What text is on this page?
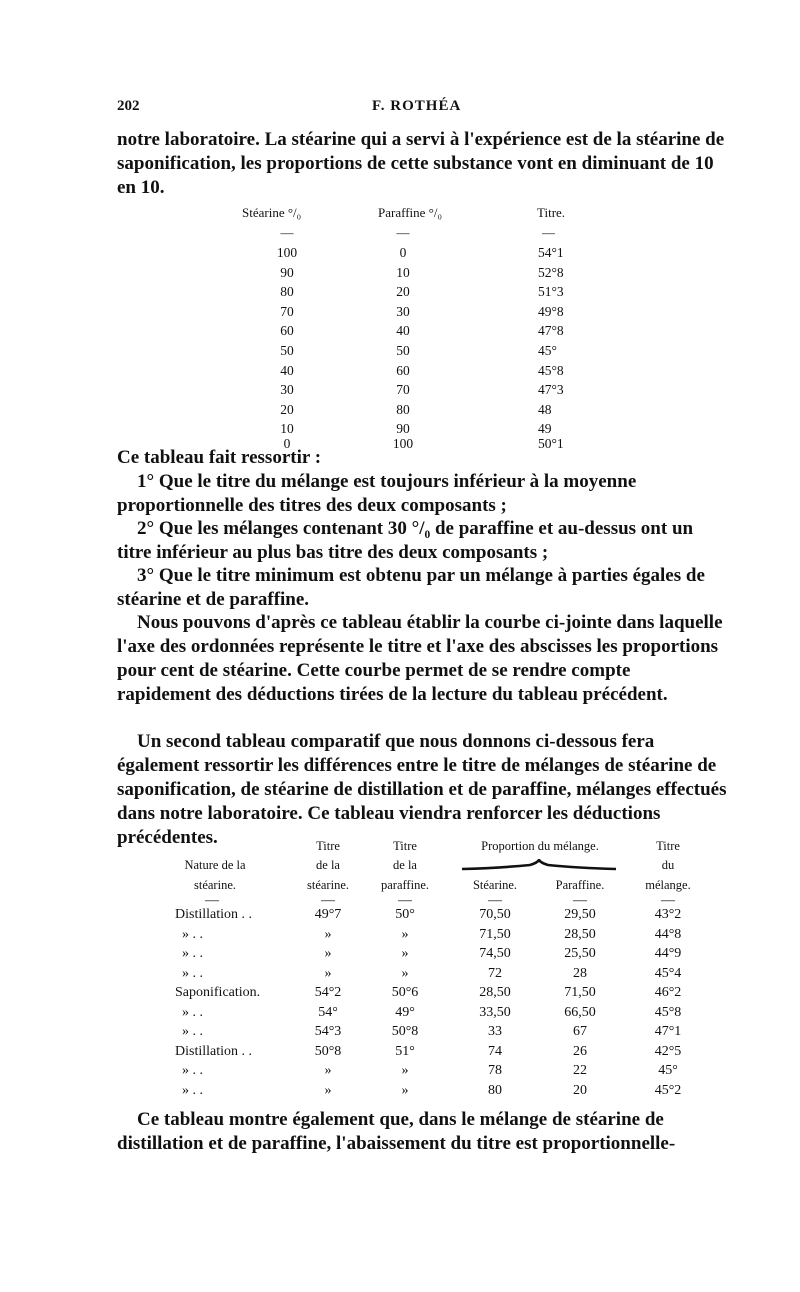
202	F. ROTHÉA

notre laboratoire. La stéarine qui a servi à l'expérience est de la stéarine de saponification, les proportions de cette substance vont en diminuant de 10 en 10.

Stéarine °/₀	Paraffine °/₀	Titre.
—	—	—
100	0	54°1
90	10	52°8
80	20	51°3
70	30	49°8
60	40	47°8
50	50	45°
40	60	45°8
30	70	47°3
20	80	48
10	90	49
0	100	50°1

Ce tableau fait ressortir :

1° Que le titre du mélange est toujours inférieur à la moyenne proportionnelle des titres des deux composants ;

2° Que les mélanges contenant 30 °/₀ de paraffine et au-dessus ont un titre inférieur au plus bas titre des deux composants ;

3° Que le titre minimum est obtenu par un mélange à parties égales de stéarine et de paraffine.

Nous pouvons d'après ce tableau établir la courbe ci-jointe dans laquelle l'axe des ordonnées représente le titre et l'axe des abscisses les proportions pour cent de stéarine. Cette courbe permet de se rendre compte rapidement des déductions tirées de la lecture du tableau précédent.

Un second tableau comparatif que nous donnons ci-dessous fera également ressortir les différences entre le titre de mélanges de stéarine de saponification, de stéarine de distillation et de paraffine, mélanges effectués dans notre laboratoire. Ce tableau viendra renforcer les déductions précédentes.

Nature de la
stéarine.
Titre
de la
stéarine.
Titre
de la
paraffine.
Proportion du mélange.
Stéarine.	Paraffine.
Titre
du
mélange.
—	—	—	—	—	—
Distillation . .	49°7	50°	70,50	29,50	43°2
» . .	»	»	71,50	28,50	44°8
» . .	»	»	74,50	25,50	44°9
» . .	»	»	72	28	45°4
Saponification.	54°2	50°6	28,50	71,50	46°2
» . .	54°	49°	33,50	66,50	45°8
» . .	54°3	50°8	33	67	47°1
Distillation . .	50°8	51°	74	26	42°5
» . .	»	»	78	22	45°
» . .	»	»	80	20	45°2

Ce tableau montre également que, dans le mélange de stéarine de distillation et de paraffine, l'abaissement du titre est proportionnelle-
